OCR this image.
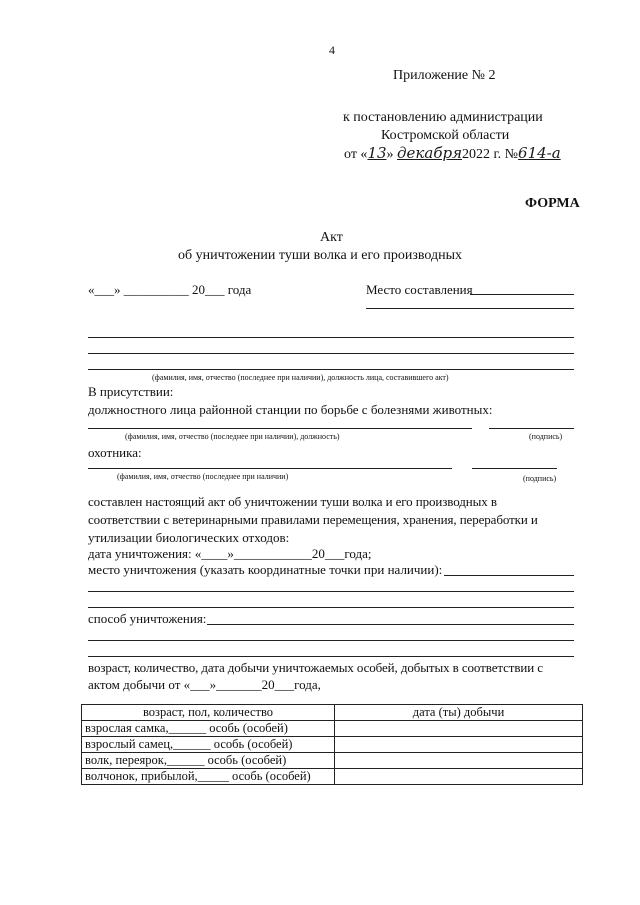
4
Приложение № 2
к постановлению администрации
Костромской области
от «13» декабря2022 г. №614-а
ФОРМА
Акт
об уничтожении туши волка и его производных
«___» __________ 20___ года	Место составления
(фамилия, имя, отчество (последнее при наличии), должность лица, составившего акт)
В присутствии:
должностного лица районной станции по борьбе с болезнями животных:
(фамилия, имя, отчество (последнее при наличии), должность)	(подпись)
охотника:
(фамилия, имя, отчество (последнее при наличии)	(подпись)
составлен настоящий акт об уничтожении туши волка и его производных в
соответствии с ветеринарными правилами перемещения, хранения, переработки и
утилизации биологических отходов:
дата уничтожения: «____»____________20___года;
место уничтожения (указать координатные точки при наличии):
способ уничтожения:
возраст, количество, дата добычи уничтожаемых особей, добытых в соответствии с
актом добычи от «___»_______20___года,
возраст, пол, количество	дата (ты) добычи
взрослая самка,______ особь (особей)	
взрослый самец,______ особь (особей)	
волк, переярок,______ особь (особей)	
волчонок, прибылой,_____ особь (особей)	
